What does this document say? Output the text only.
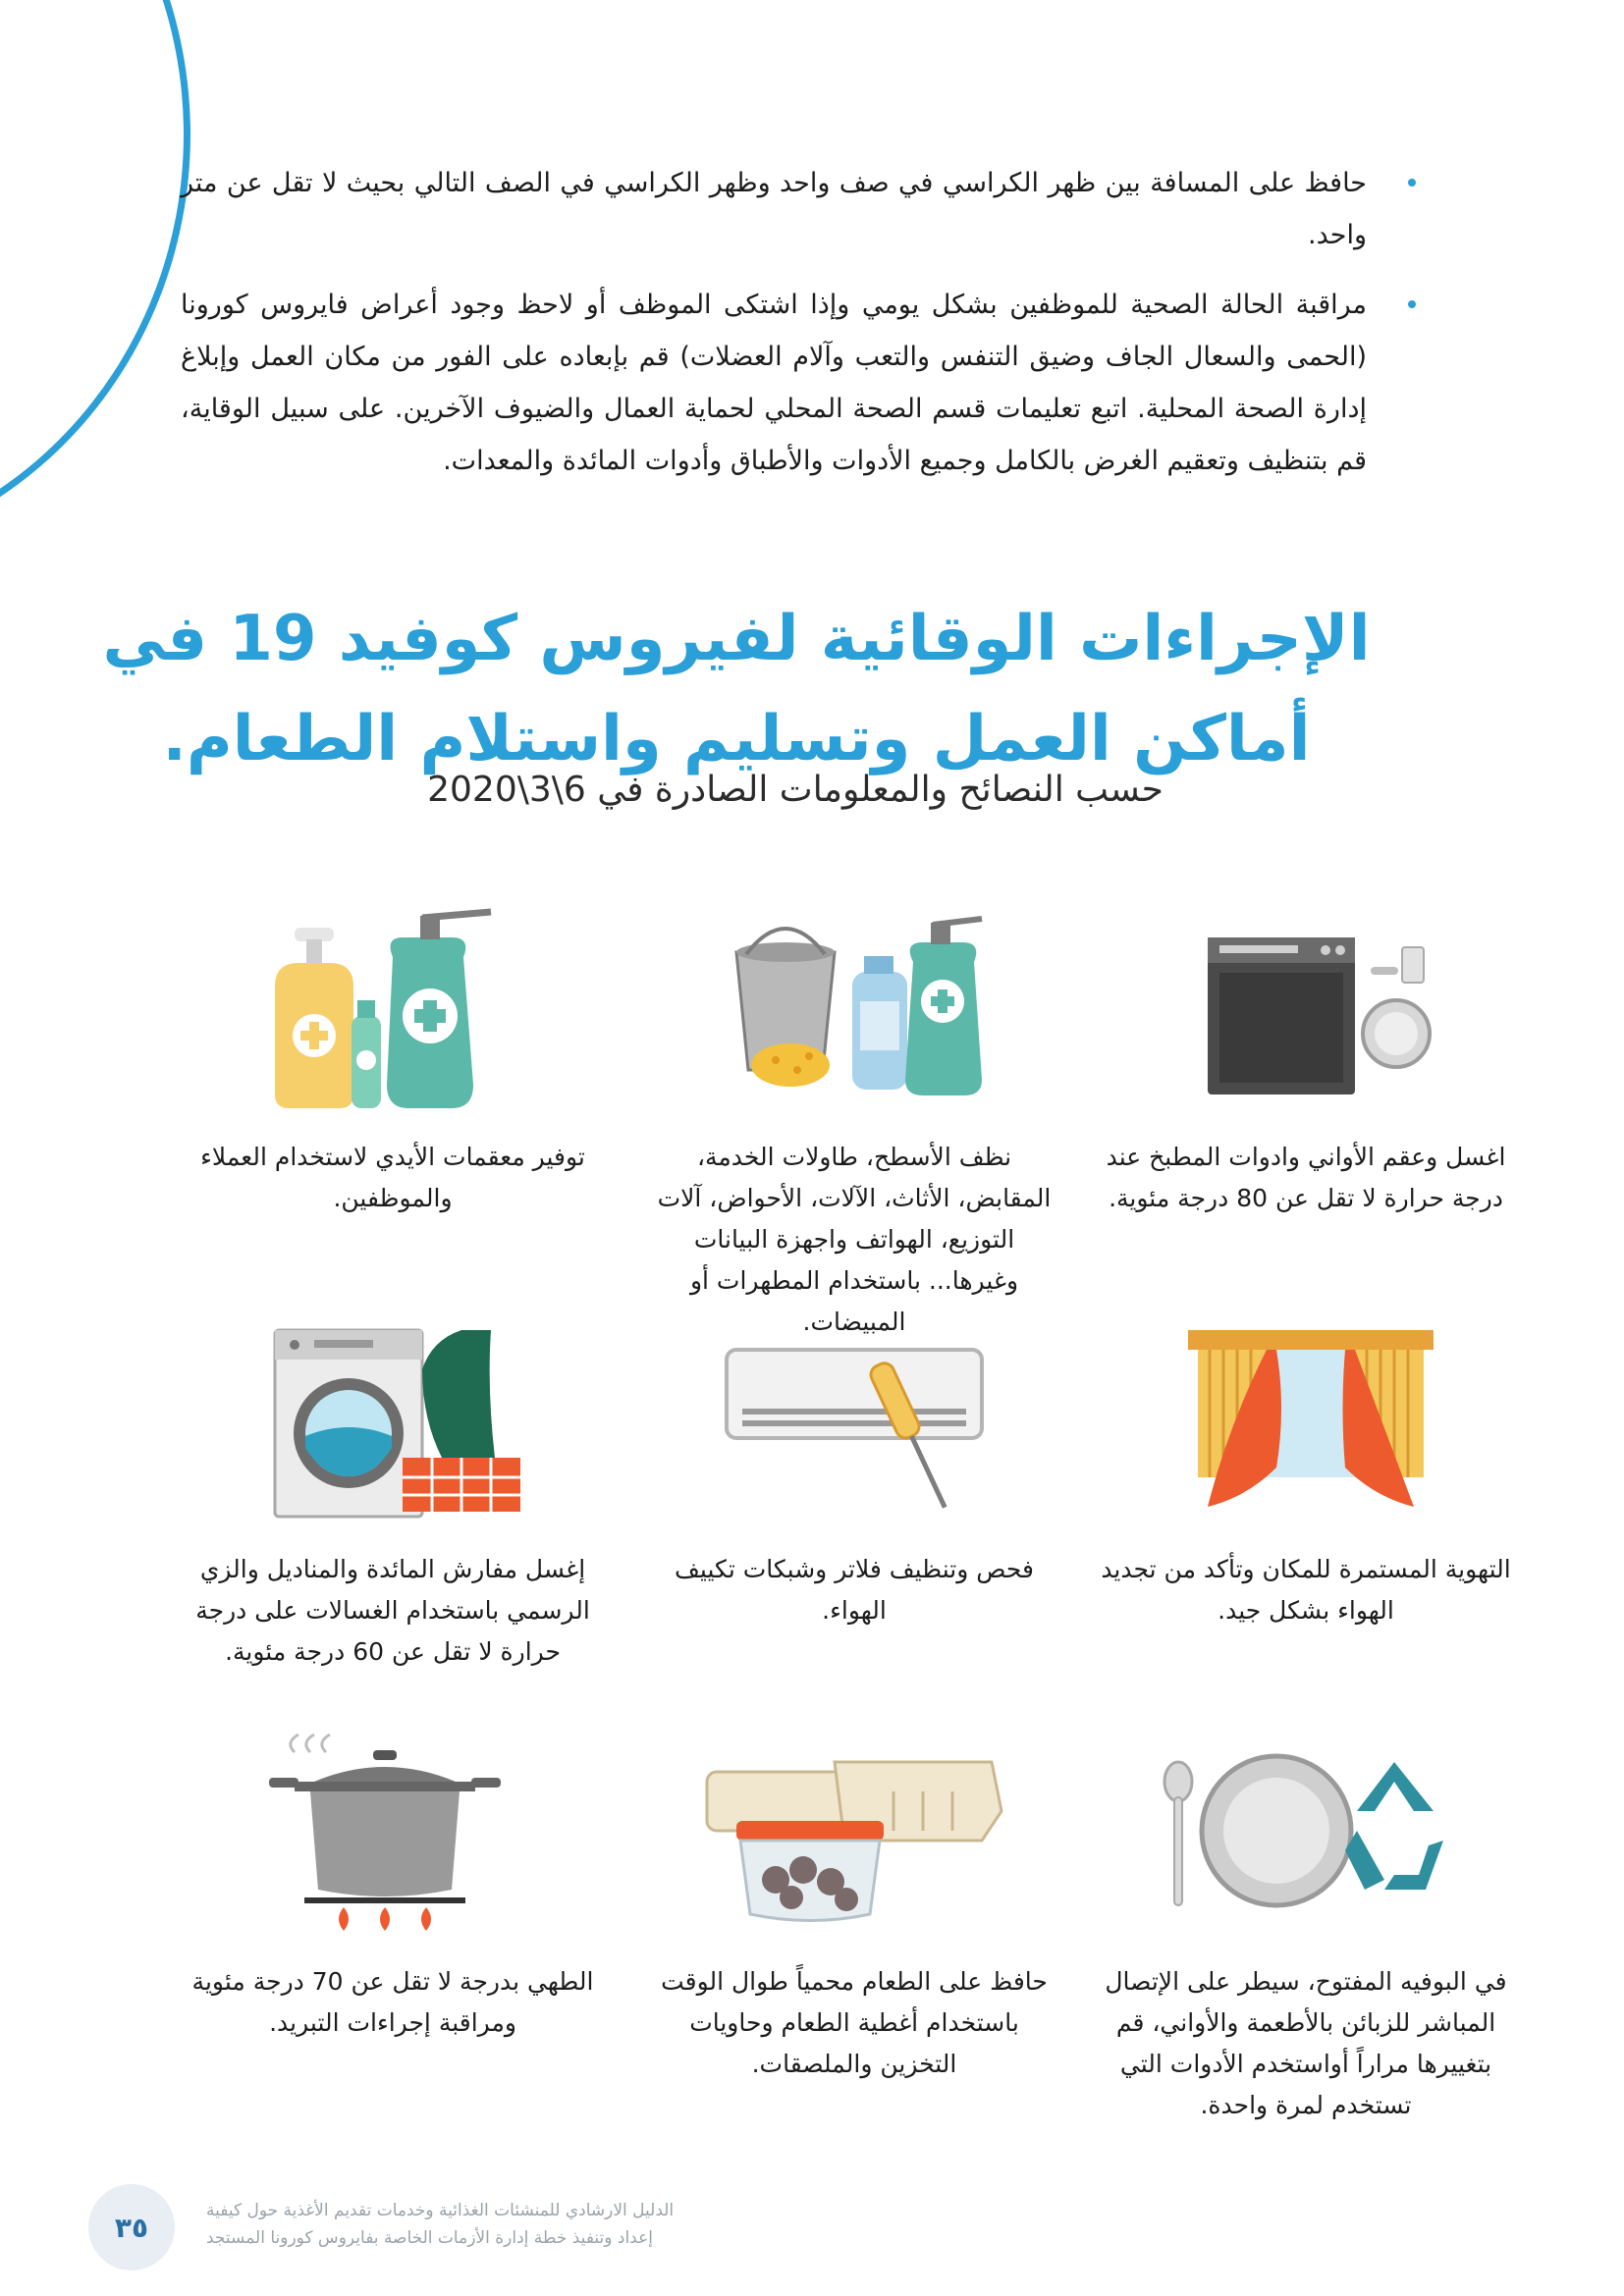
حافظ على المسافة بين ظهر الكراسي في صف واحد وظهر الكراسي في الصف التالي بحيث لا تقل عن متر واحد.
مراقبة الحالة الصحية للموظفين بشكل يومي وإذا اشتكى الموظف أو لاحظ وجود أعراض فايروس كورونا (الحمى والسعال الجاف وضيق التنفس والتعب وآلام العضلات) قم بإبعاده على الفور من مكان العمل وإبلاغ إدارة الصحة المحلية. اتبع تعليمات قسم الصحة المحلي لحماية العمال والضيوف الآخرين. على سبيل الوقاية، قم بتنظيف وتعقيم الغرض بالكامل وجميع الأدوات والأطباق وأدوات المائدة والمعدات.
الإجراءات الوقائية لفيروس كوفيد 19 في
أماكن العمل وتسليم واستلام الطعام.
حسب النصائح والمعلومات الصادرة في 6\3\2020
اغسل وعقم الأواني وادوات المطبخ عند درجة حرارة لا تقل عن 80 درجة مئوية.
نظف الأسطح، طاولات الخدمة، المقابض، الأثاث، الآلات، الأحواض، آلات التوزيع، الهواتف واجهزة البيانات وغيرها... باستخدام المطهرات أو المبيضات.
توفير معقمات الأيدي لاستخدام العملاء والموظفين.
التهوية المستمرة للمكان وتأكد من تجديد الهواء بشكل جيد.
فحص وتنظيف فلاتر وشبكات تكييف الهواء.
إغسل مفارش المائدة والمناديل والزي الرسمي باستخدام الغسالات على درجة حرارة لا تقل عن 60 درجة مئوية.
في البوفيه المفتوح، سيطر على الإتصال المباشر للزبائن بالأطعمة والأواني، قم بتغييرها مراراً أواستخدم الأدوات التي تستخدم لمرة واحدة.
حافظ على الطعام محمياً طوال الوقت باستخدام أغطية الطعام وحاويات التخزين والملصقات.
الطهي بدرجة لا تقل عن 70 درجة مئوية ومراقبة إجراءات التبريد.
٣٥
الدليل الارشادي للمنشئات الغذائية وخدمات تقديم الأغذية حول كيفية
إعداد وتنفيذ خطة إدارة الأزمات الخاصة بفايروس كورونا المستجد
